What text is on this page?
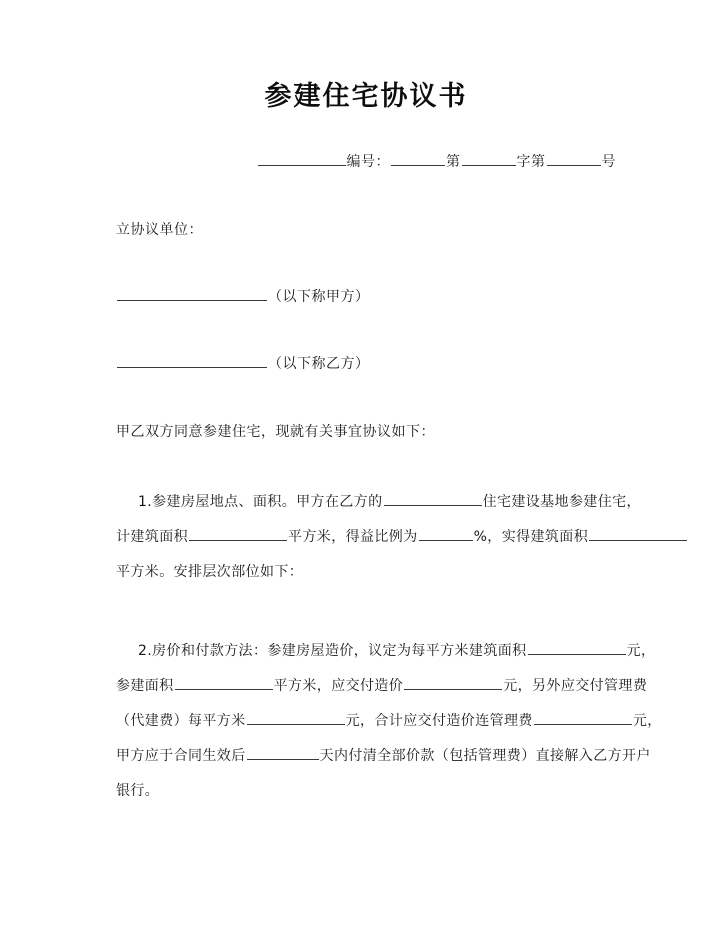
参建住宅协议书
编号：	第	字第	号
立协议单位：
（以下称甲方）
（以下称乙方）
甲乙双方同意参建住宅，现就有关事宜协议如下：

1.参建房屋地点、面积。甲方在乙方的	住宅建设基地参建住宅，

计建筑面积	平方米，得益比例为	%，实得建筑面积

平方米。安排层次部位如下：

2.房价和付款方法：参建房屋造价，议定为每平方米建筑面积	元，

参建面积	平方米，应交付造价	元，另外应交付管理费

（代建费）每平方米	元，合计应交付造价连管理费	元，

甲方应于合同生效后	天内付清全部价款（包括管理费）直接解入乙方开户

银行。
